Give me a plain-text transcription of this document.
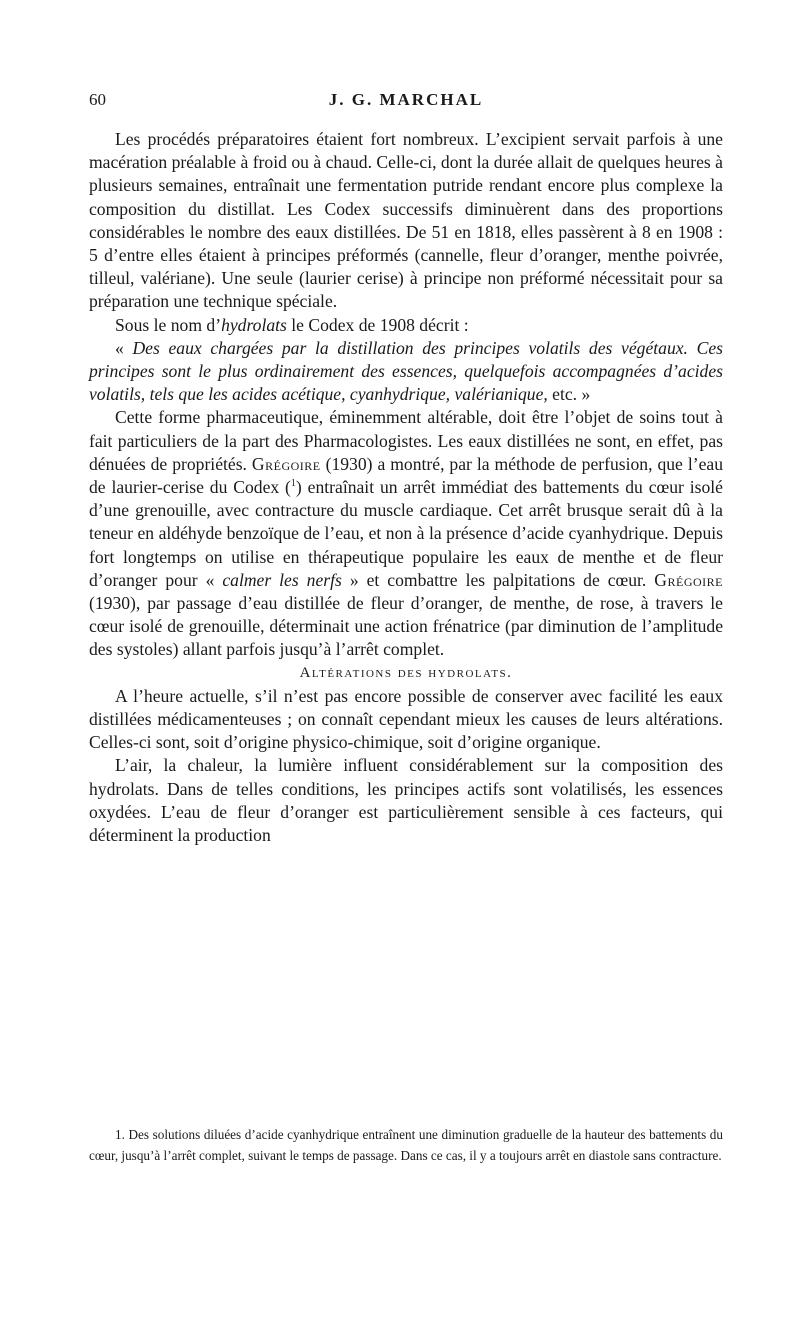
60	J. G. MARCHAL

Les procédés préparatoires étaient fort nombreux. L’excipient servait parfois à une macération préalable à froid ou à chaud. Celle-ci, dont la durée allait de quelques heures à plusieurs semaines, entraînait une fermentation putride rendant encore plus complexe la composition du distillat. Les Codex successifs diminuèrent dans des proportions considérables le nombre des eaux distillées. De 51 en 1818, elles passèrent à 8 en 1908 : 5 d’entre elles étaient à principes préformés (cannelle, fleur d’oranger, menthe poivrée, tilleul, valériane). Une seule (laurier cerise) à principe non préformé nécessitait pour sa préparation une technique spéciale.

Sous le nom d’hydrolats le Codex de 1908 décrit :

« Des eaux chargées par la distillation des principes volatils des végétaux. Ces principes sont le plus ordinairement des essences, quelquefois accompagnées d’acides volatils, tels que les acides acétique, cyanhydrique, valérianique, etc. »

Cette forme pharmaceutique, éminemment altérable, doit être l’objet de soins tout à fait particuliers de la part des Pharmacologistes. Les eaux distillées ne sont, en effet, pas dénuées de propriétés. Grégoire (1930) a montré, par la méthode de perfusion, que l’eau de laurier-cerise du Codex ($^1$) entraînait un arrêt immédiat des battements du cœur isolé d’une grenouille, avec contracture du muscle cardiaque. Cet arrêt brusque serait dû à la teneur en aldéhyde benzoïque de l’eau, et non à la présence d’acide cyanhydrique. Depuis fort longtemps on utilise en thérapeutique populaire les eaux de menthe et de fleur d’oranger pour « calmer les nerfs » et combattre les palpitations de cœur. Grégoire (1930), par passage d’eau distillée de fleur d’oranger, de menthe, de rose, à travers le cœur isolé de grenouille, déterminait une action frénatrice (par diminution de l’amplitude des systoles) allant parfois jusqu’à l’arrêt complet.

Altérations des hydrolats.

A l’heure actuelle, s’il n’est pas encore possible de conserver avec facilité les eaux distillées médicamenteuses ; on connaît cependant mieux les causes de leurs altérations. Celles-ci sont, soit d’origine physico-chimique, soit d’origine organique.

L’air, la chaleur, la lumière influent considérablement sur la composition des hydrolats. Dans de telles conditions, les principes actifs sont volatilisés, les essences oxydées. L’eau de fleur d’oranger est particulièrement sensible à ces facteurs, qui déterminent la production

1. Des solutions diluées d’acide cyanhydrique entraînent une diminution graduelle de la hauteur des battements du cœur, jusqu’à l’arrêt complet, suivant le temps de passage. Dans ce cas, il y a toujours arrêt en diastole sans contracture.
